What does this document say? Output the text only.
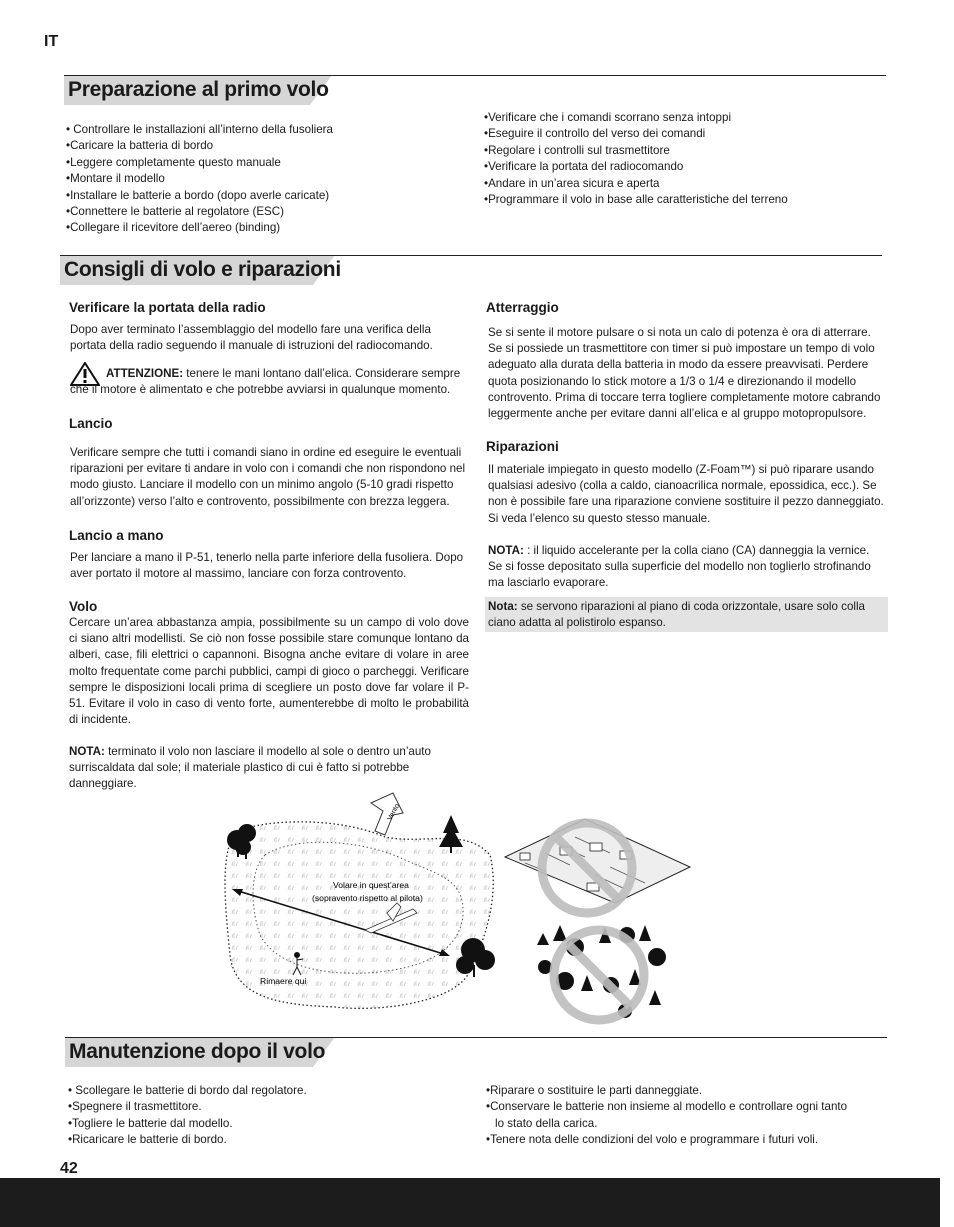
IT
Preparazione al primo volo
• Controllare le installazioni all’interno della fusoliera
• Caricare la batteria di bordo
• Leggere completamente questo manuale
• Montare il modello
• Installare le batterie a bordo (dopo averle caricate)
• Connettere le batterie al regolatore (ESC)
• Collegare il ricevitore dell’aereo (binding)
• Verificare che i comandi scorrano senza intoppi
• Eseguire il controllo del verso dei comandi
• Regolare i controlli sul trasmettitore
• Verificare la portata del radiocomando
• Andare in un’area sicura e aperta
• Programmare il volo in base alle caratteristiche del terreno
Consigli di volo e riparazioni
Verificare la portata della radio

Dopo aver terminato l’assemblaggio del modello fare una verifica della portata della radio seguendo il manuale di istruzioni del radiocomando.

ATTENZIONE: tenere le mani lontano dall’elica. Considerare sempre che il motore è alimentato e che potrebbe avviarsi in qualunque momento.

Lancio

Verificare sempre che tutti i comandi siano in ordine ed eseguire le eventuali riparazioni per evitare ti andare in volo con i comandi che non rispondono nel modo giusto. Lanciare il modello con un minimo angolo (5-10 gradi rispetto all’orizzonte) verso l’alto e controvento, possibilmente con brezza leggera.

Lancio a mano

Per lanciare a mano il P-51, tenerlo nella parte inferiore della fusoliera. Dopo aver portato il motore al massimo, lanciare con forza controvento.

Volo

Cercare un’area abbastanza ampia, possibilmente su un campo di volo dove ci siano altri modellisti. Se ciò non fosse possibile stare comunque lontano da alberi, case, fili elettrici o capannoni. Bisogna anche evitare di volare in aree molto frequentate come parchi pubblici, campi di gioco o parcheggi. Verificare sempre le disposizioni locali prima di scegliere un posto dove far volare il P-51. Evitare il volo in caso di vento forte, aumenterebbe di molto le probabilità di incidente.

NOTA: terminato il volo non lasciare il modello al sole o dentro un’auto surriscaldata dal sole; il materiale plastico di cui è fatto si potrebbe danneggiare.

Atterraggio

Se si sente il motore pulsare o si nota un calo di potenza è ora di atterrare. Se si possiede un trasmettitore con timer si può impostare un tempo di volo adeguato alla durata della batteria in modo da essere preavvisati. Perdere quota posizionando lo stick motore a 1/3 o 1/4 e direzionando il modello controvento. Prima di toccare terra togliere completamente motore cabrando leggermente anche per evitare danni all’elica e al gruppo motopropulsore.

Riparazioni

Il materiale impiegato in questo modello (Z-Foam™) si può riparare usando qualsiasi adesivo (colla a caldo, cianoacrilica normale, epossidica, ecc.). Se non è possibile fare una riparazione conviene sostituire il pezzo danneggiato. Si veda l’elenco su questo stesso manuale.

NOTA: : il liquido accelerante per la colla ciano (CA) danneggia la vernice. Se si fosse depositato sulla superficie del modello non toglierlo strofinando ma lasciarlo evaporare.

Nota: se servono riparazioni al piano di coda orizzontale, usare solo colla ciano adatta al polistirolo espanso.

Vento
Volare in quest’area
(sopravento rispetto al pilota)
Rimaere qui
Manutenzione dopo il volo
• Scollegare le batterie di bordo dal regolatore.
• Spegnere il trasmettitore.
• Togliere le batterie dal modello.
• Ricaricare le batterie di bordo.
• Riparare o sostituire le parti danneggiate.
• Conservare le batterie non insieme al modello e controllare ogni tanto
lo stato della carica.
• Tenere nota delle condizioni del volo e programmare i futuri voli.
42
